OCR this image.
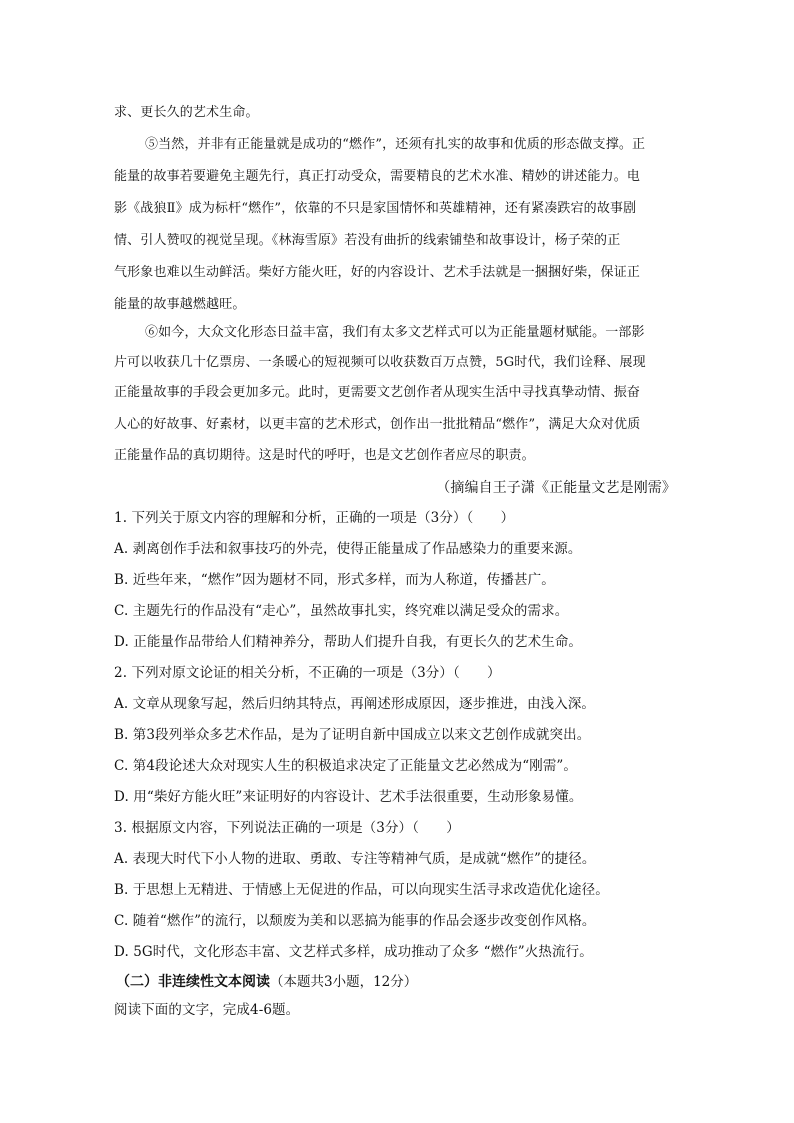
求、更长久的艺术生命。
⑤当然，并非有正能量就是成功的“燃作”，还须有扎实的故事和优质的形态做支撑。正
能量的故事若要避免主题先行，真正打动受众，需要精良的艺术水准、精妙的讲述能力。电
影《战狼Ⅱ》成为标杆“燃作”，依靠的不只是家国情怀和英雄精神，还有紧凑跌宕的故事剧
情、引人赞叹的视觉呈现。《林海雪原》若没有曲折的线索铺垫和故事设计，杨子荣的正
气形象也难以生动鲜活。柴好方能火旺，好的内容设计、艺术手法就是一捆捆好柴，保证正
能量的故事越燃越旺。
⑥如今，大众文化形态日益丰富，我们有太多文艺样式可以为正能量题材赋能。一部影
片可以收获几十亿票房、一条暖心的短视频可以收获数百万点赞，5G时代，我们诠释、展现
正能量故事的手段会更加多元。此时，更需要文艺创作者从现实生活中寻找真挚动情、振奋
人心的好故事、好素材，以更丰富的艺术形式，创作出一批批精品“燃作”，满足大众对优质
正能量作品的真切期待。这是时代的呼吁，也是文艺创作者应尽的职责。
（摘编自王子潇《正能量文艺是刚需》
1. 下列关于原文内容的理解和分析，正确的一项是（3分）（　　）
A. 剥离创作手法和叙事技巧的外壳，使得正能量成了作品感染力的重要来源。
B. 近些年来，“燃作”因为题材不同，形式多样，而为人称道，传播甚广。
C. 主题先行的作品没有“走心”，虽然故事扎实，终究难以满足受众的需求。
D. 正能量作品带给人们精神养分，帮助人们提升自我，有更长久的艺术生命。
2. 下列对原文论证的相关分析，不正确的一项是（3分）（　　）
A. 文章从现象写起，然后归纳其特点，再阐述形成原因，逐步推进，由浅入深。
B. 第3段列举众多艺术作品，是为了证明自新中国成立以来文艺创作成就突出。
C. 第4段论述大众对现实人生的积极追求决定了正能量文艺必然成为“刚需”。
D. 用“柴好方能火旺”来证明好的内容设计、艺术手法很重要，生动形象易懂。
3. 根据原文内容，下列说法正确的一项是（3分）（　　）
A. 表现大时代下小人物的进取、勇敢、专注等精神气质，是成就“燃作”的捷径。
B. 于思想上无精进、于情感上无促进的作品，可以向现实生活寻求改造优化途径。
C. 随着“燃作”的流行，以颓废为美和以恶搞为能事的作品会逐步改变创作风格。
D. 5G时代，文化形态丰富、文艺样式多样，成功推动了众多 “燃作”火热流行。
（二）非连续性文本阅读（本题共3小题，12分）
阅读下面的文字，完成4-6题。
